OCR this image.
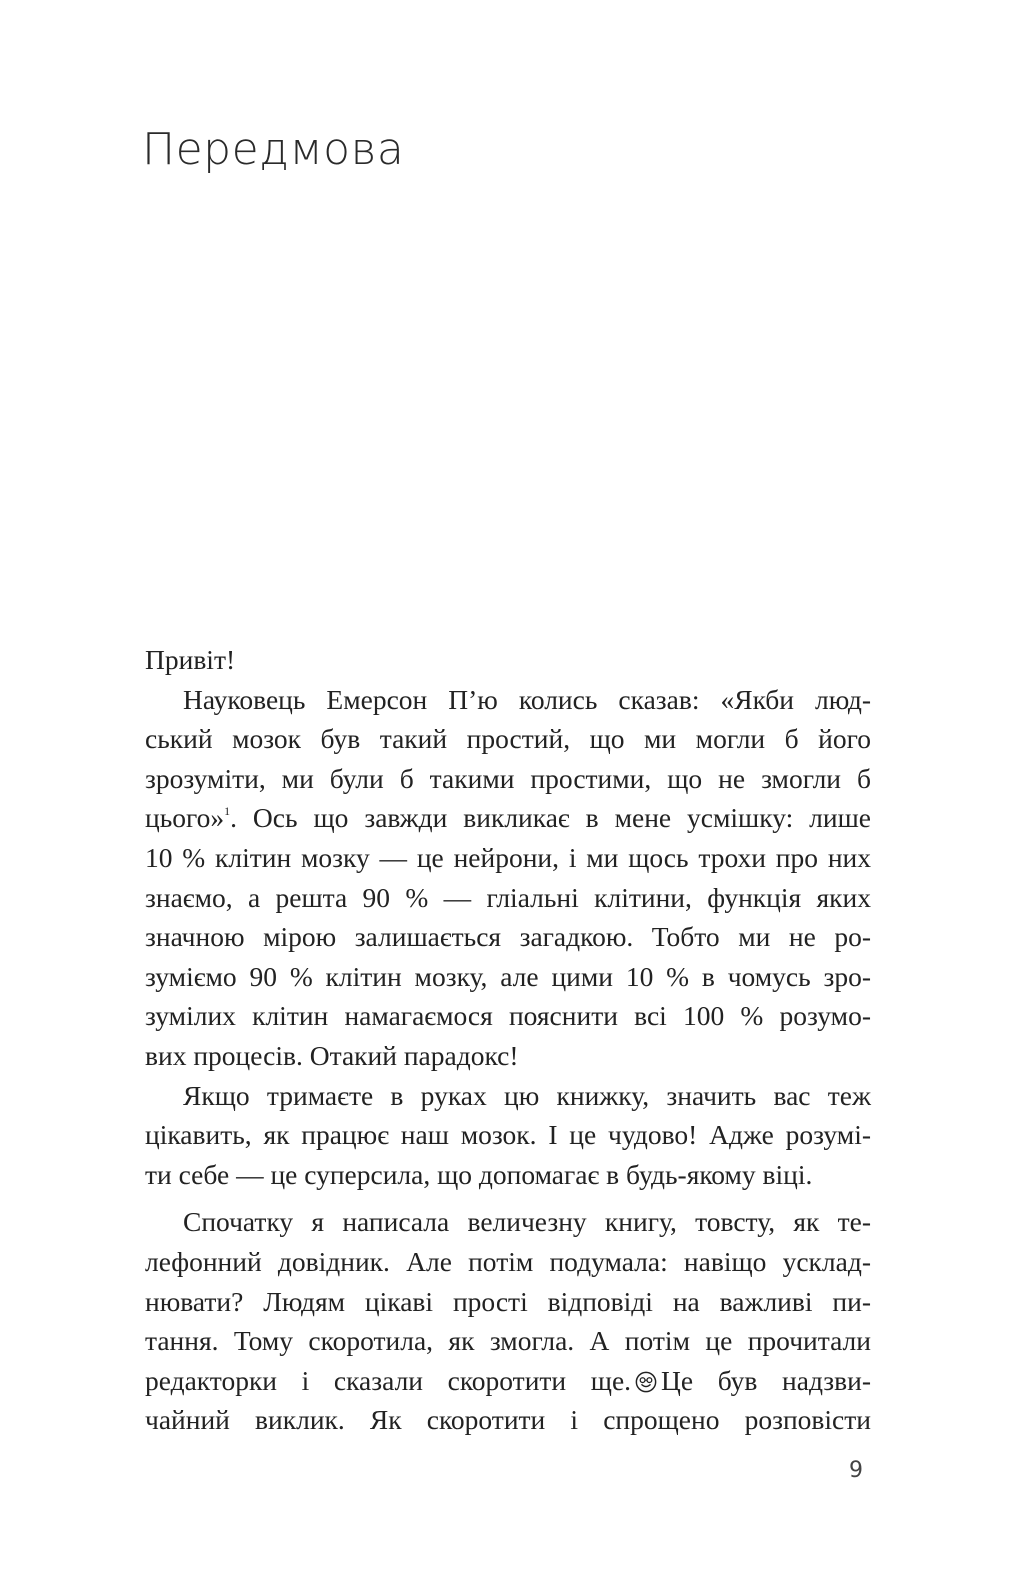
Передмова
Привіт!
Науковець Емерсон П’ю колись сказав: «Якби люд-
ський мозок був такий простий, що ми могли б його
зрозуміти, ми були б такими простими, що не змогли б
цього»$^1$. Ось що завжди викликає в мене усмішку: лише
10 % клітин мозку — це нейрони, і ми щось трохи про них
знаємо, а решта 90 % — гліальні клітини, функція яких
значною мірою залишається загадкою. Тобто ми не ро-
зуміємо 90 % клітин мозку, але цими 10 % в чомусь зро-
зумілих клітин намагаємося пояснити всі 100 % розумо-
вих процесів. Отакий парадокс!
Якщо тримаєте в руках цю книжку, значить вас теж
цікавить, як працює наш мозок. І це чудово! Адже розумі-
ти себе — це суперсила, що допомагає в будь-якому віці.
Спочатку я написала величезну книгу, товсту, як те-
лефонний довідник. Але потім подумала: навіщо усклад-
нювати? Людям цікаві прості відповіді на важливі пи-
тання. Тому скоротила, як змогла. А потім це прочитали
редакторки і сказали скоротити ще. Це був надзви-
чайний виклик. Як скоротити і спрощено розповісти
9
